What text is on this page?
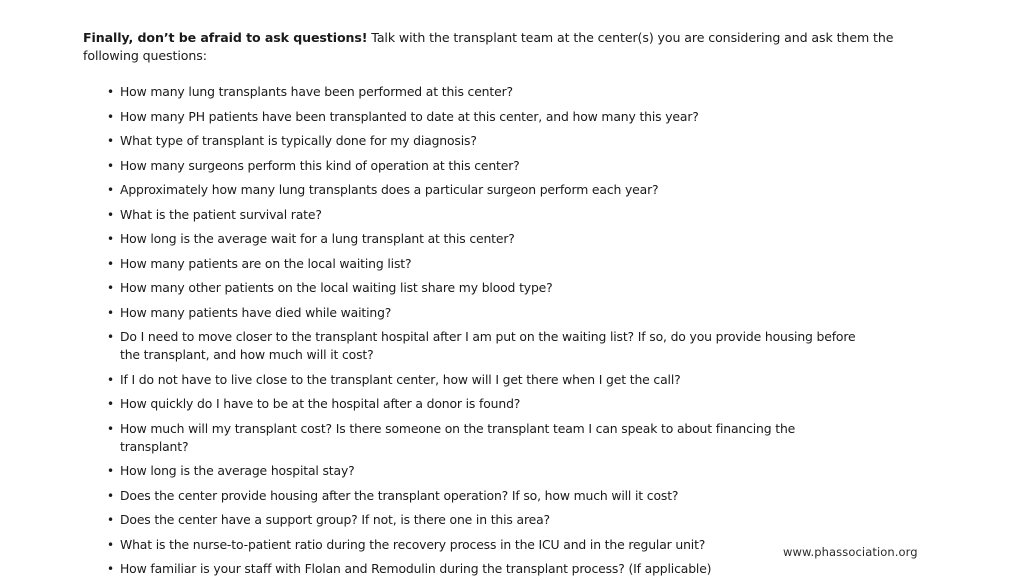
Finally, don’t be afraid to ask questions! Talk with the transplant team at the center(s) you are considering and ask them the following questions:

• How many lung transplants have been performed at this center?
• How many PH patients have been transplanted to date at this center, and how many this year?
• What type of transplant is typically done for my diagnosis?
• How many surgeons perform this kind of operation at this center?
• Approximately how many lung transplants does a particular surgeon perform each year?
• What is the patient survival rate?
• How long is the average wait for a lung transplant at this center?
• How many patients are on the local waiting list?
• How many other patients on the local waiting list share my blood type?
• How many patients have died while waiting?
• Do I need to move closer to the transplant hospital after I am put on the waiting list? If so, do you provide housing before the transplant, and how much will it cost?
• If I do not have to live close to the transplant center, how will I get there when I get the call?
• How quickly do I have to be at the hospital after a donor is found?
• How much will my transplant cost? Is there someone on the transplant team I can speak to about financing the transplant?
• How long is the average hospital stay?
• Does the center provide housing after the transplant operation? If so, how much will it cost?
• Does the center have a support group? If not, is there one in this area?
• What is the nurse-to-patient ratio during the recovery process in the ICU and in the regular unit?
• How familiar is your staff with Flolan and Remodulin during the transplant process? (If applicable)
www.phassociation.org
